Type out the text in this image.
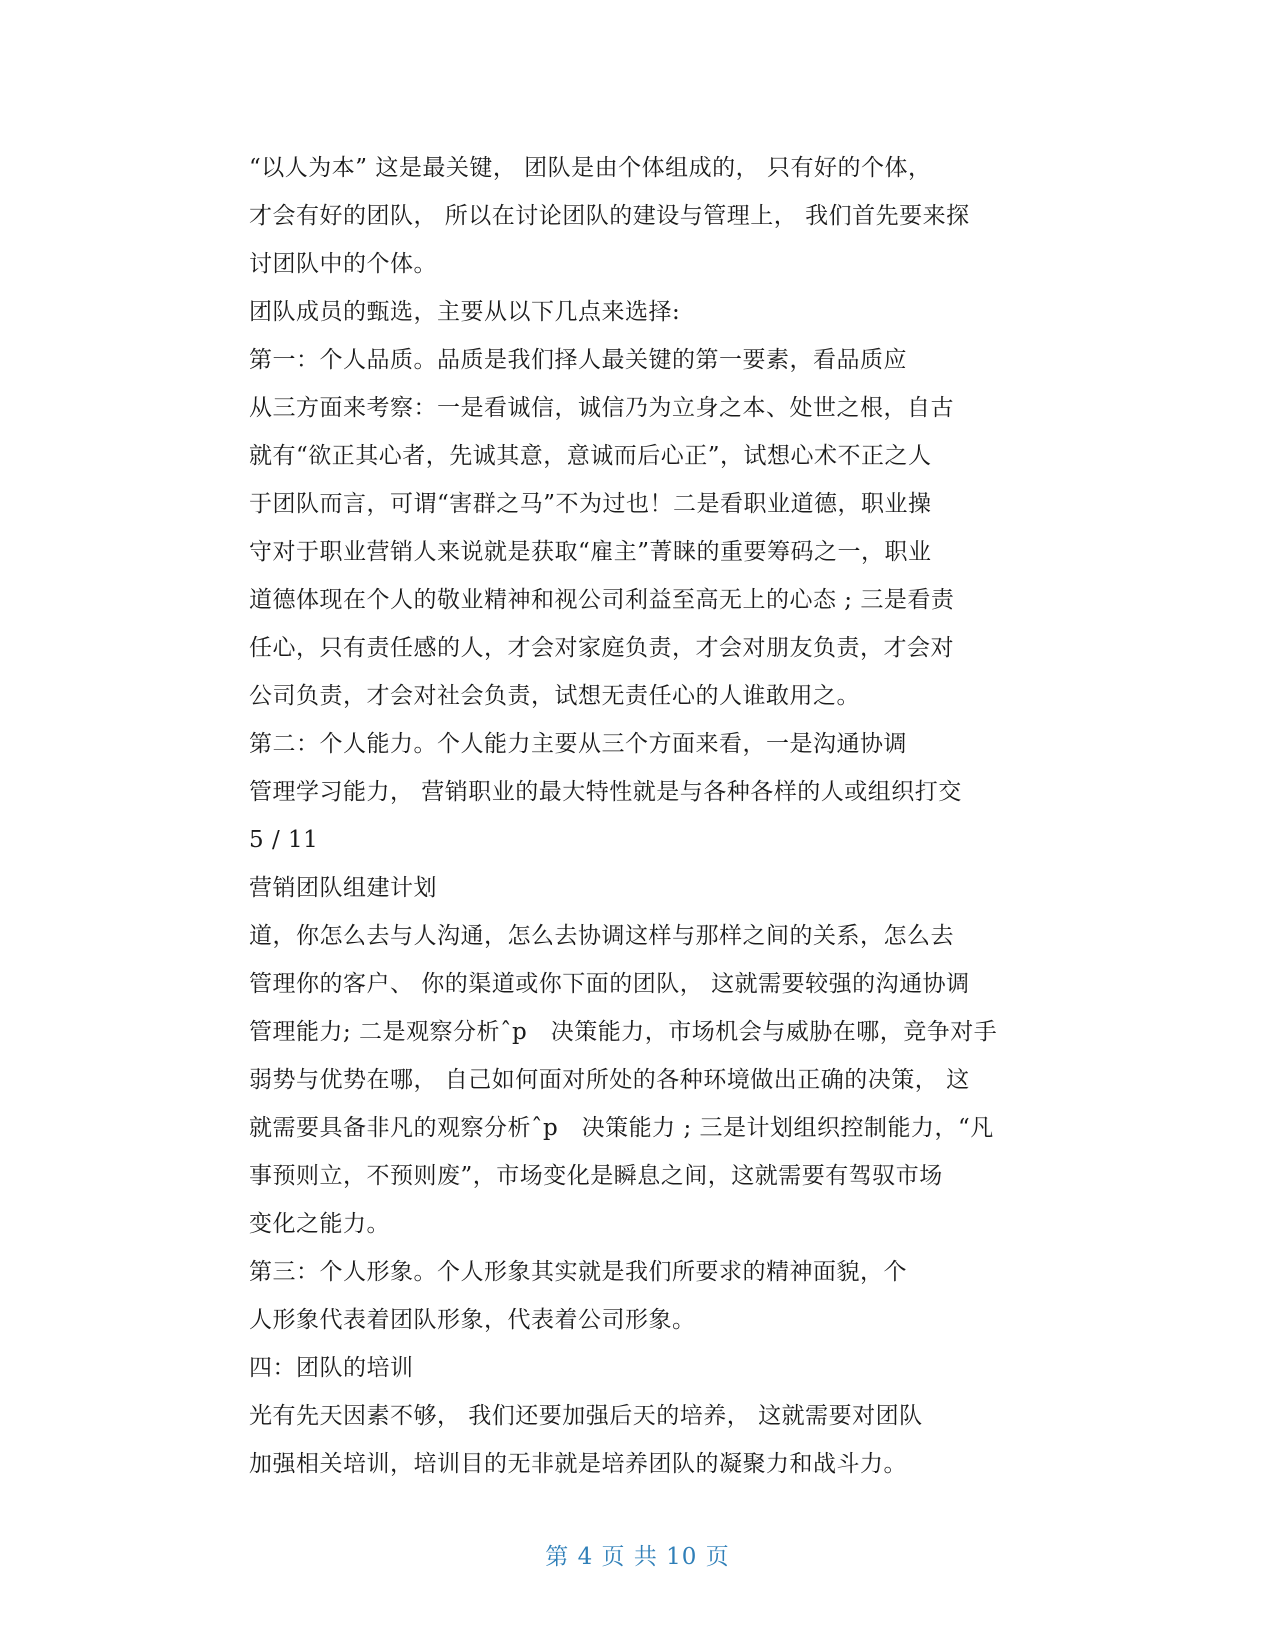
“以人为本” 这是最关键， 团队是由个体组成的， 只有好的个体，
才会有好的团队， 所以在讨论团队的建设与管理上， 我们首先要来探
讨团队中的个体。
团队成员的甄选，主要从以下几点来选择:
第一：个人品质。品质是我们择人最关键的第一要素，看品质应
从三方面来考察：一是看诚信，诚信乃为立身之本、处世之根，自古
就有“欲正其心者，先诚其意，意诚而后心正”，试想心术不正之人
于团队而言，可谓“害群之马”不为过也！二是看职业道德，职业操
守对于职业营销人来说就是获取“雇主”菁睐的重要筹码之一，职业
道德体现在个人的敬业精神和视公司利益至高无上的心态 ; 三是看责
任心，只有责任感的人，才会对家庭负责，才会对朋友负责，才会对
公司负责，才会对社会负责，试想无责任心的人谁敢用之。
第二：个人能力。个人能力主要从三个方面来看，一是沟通协调
管理学习能力， 营销职业的最大特性就是与各种各样的人或组织打交
5 / 11
营销团队组建计划
道，你怎么去与人沟通，怎么去协调这样与那样之间的关系，怎么去
管理你的客户、 你的渠道或你下面的团队， 这就需要较强的沟通协调
管理能力; 二是观察分析ˆp   决策能力，市场机会与威胁在哪，竞争对手
弱势与优势在哪， 自己如何面对所处的各种环境做出正确的决策， 这
就需要具备非凡的观察分析ˆp   决策能力 ; 三是计划组织控制能力，“凡
事预则立，不预则废”，市场变化是瞬息之间，这就需要有驾驭市场
变化之能力。
第三：个人形象。个人形象其实就是我们所要求的精神面貌，个
人形象代表着团队形象，代表着公司形象。
四：团队的培训
光有先天因素不够， 我们还要加强后天的培养， 这就需要对团队
加强相关培训，培训目的无非就是培养团队的凝聚力和战斗力。
第 4 页 共 10 页
